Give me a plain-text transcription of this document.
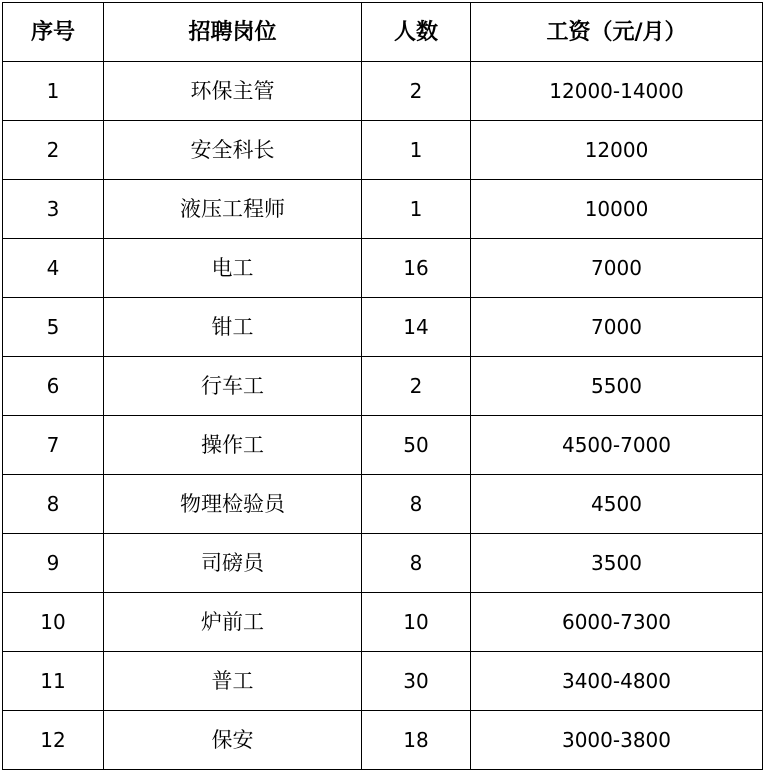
序号	招聘岗位	人数	工资（元/月）
1	环保主管	2	12000-14000
2	安全科长	1	12000
3	液压工程师	1	10000
4	电工	16	7000
5	钳工	14	7000
6	行车工	2	5500
7	操作工	50	4500-7000
8	物理检验员	8	4500
9	司磅员	8	3500
10	炉前工	10	6000-7300
11	普工	30	3400-4800
12	保安	18	3000-3800
